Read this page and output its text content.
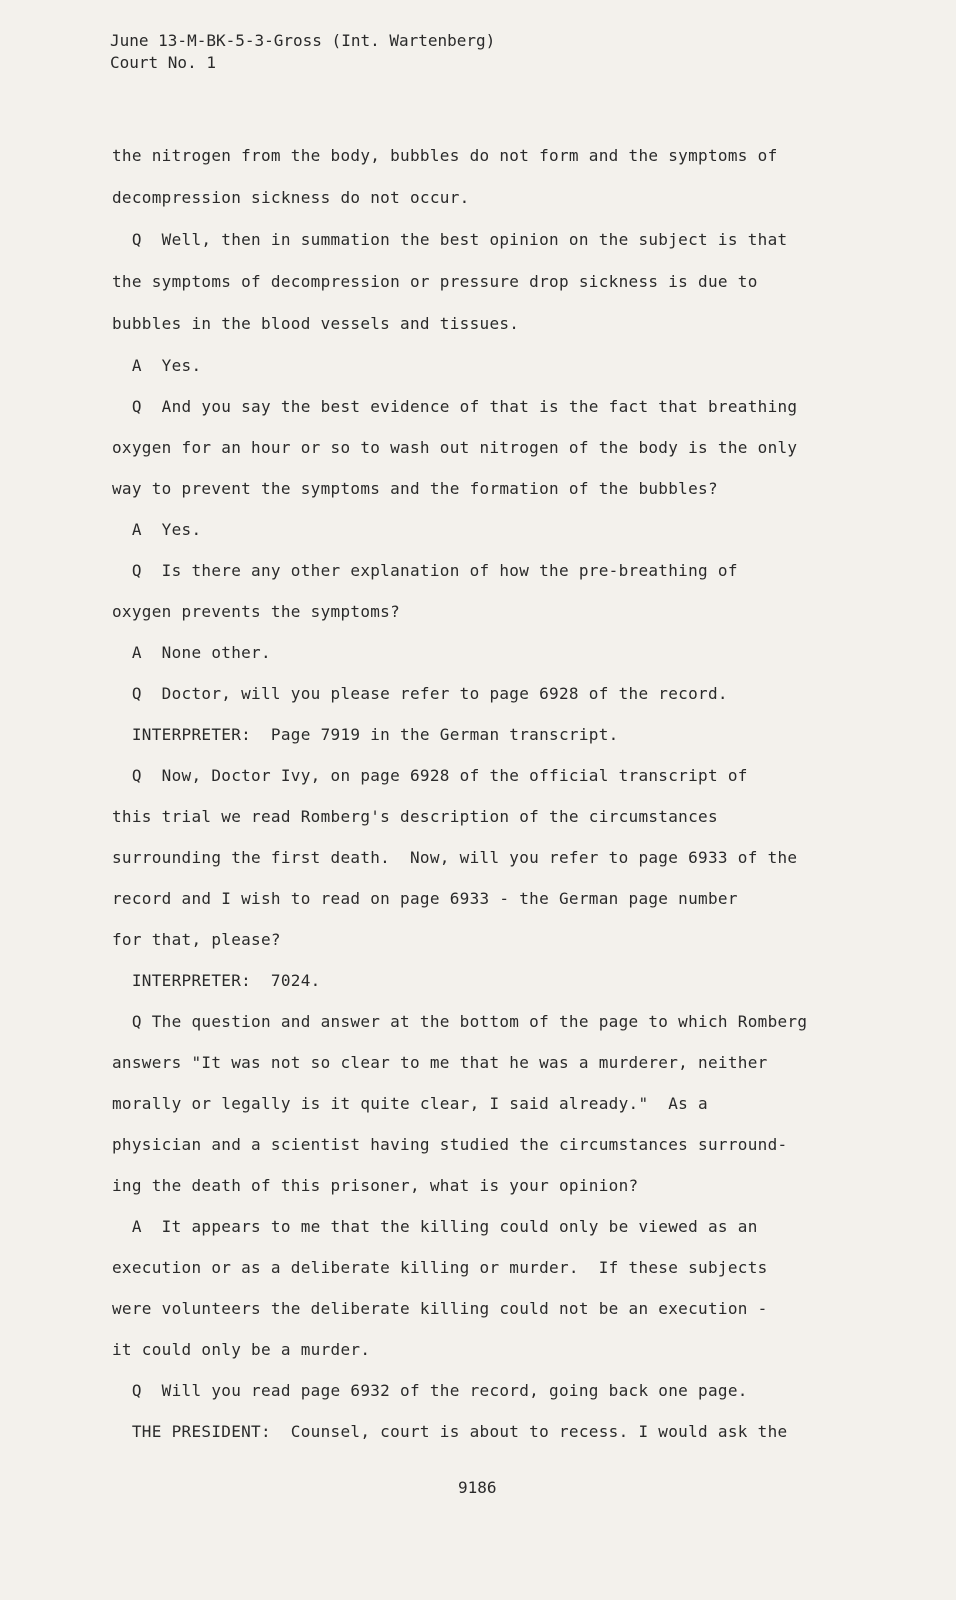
June 13-M-BK-5-3-Gross (Int. Wartenberg)
Court No. 1
the nitrogen from the body, bubbles do not form and the symptoms of
decompression sickness do not occur.
Q  Well, then in summation the best opinion on the subject is that
the symptoms of decompression or pressure drop sickness is due to
bubbles in the blood vessels and tissues.
A  Yes.
Q  And you say the best evidence of that is the fact that breathing
oxygen for an hour or so to wash out nitrogen of the body is the only
way to prevent the symptoms and the formation of the bubbles?
A  Yes.
Q  Is there any other explanation of how the pre-breathing of
oxygen prevents the symptoms?
A  None other.
Q  Doctor, will you please refer to page 6928 of the record.
INTERPRETER:  Page 7919 in the German transcript.
Q  Now, Doctor Ivy, on page 6928 of the official transcript of
this trial we read Romberg's description of the circumstances
surrounding the first death.  Now, will you refer to page 6933 of the
record and I wish to read on page 6933 - the German page number
for that, please?
INTERPRETER:  7024.
Q The question and answer at the bottom of the page to which Romberg
answers "It was not so clear to me that he was a murderer, neither
morally or legally is it quite clear, I said already."  As a
physician and a scientist having studied the circumstances surround-
ing the death of this prisoner, what is your opinion?
A  It appears to me that the killing could only be viewed as an
execution or as a deliberate killing or murder.  If these subjects
were volunteers the deliberate killing could not be an execution -
it could only be a murder.
Q  Will you read page 6932 of the record, going back one page.
THE PRESIDENT:  Counsel, court is about to recess. I would ask the
9186
